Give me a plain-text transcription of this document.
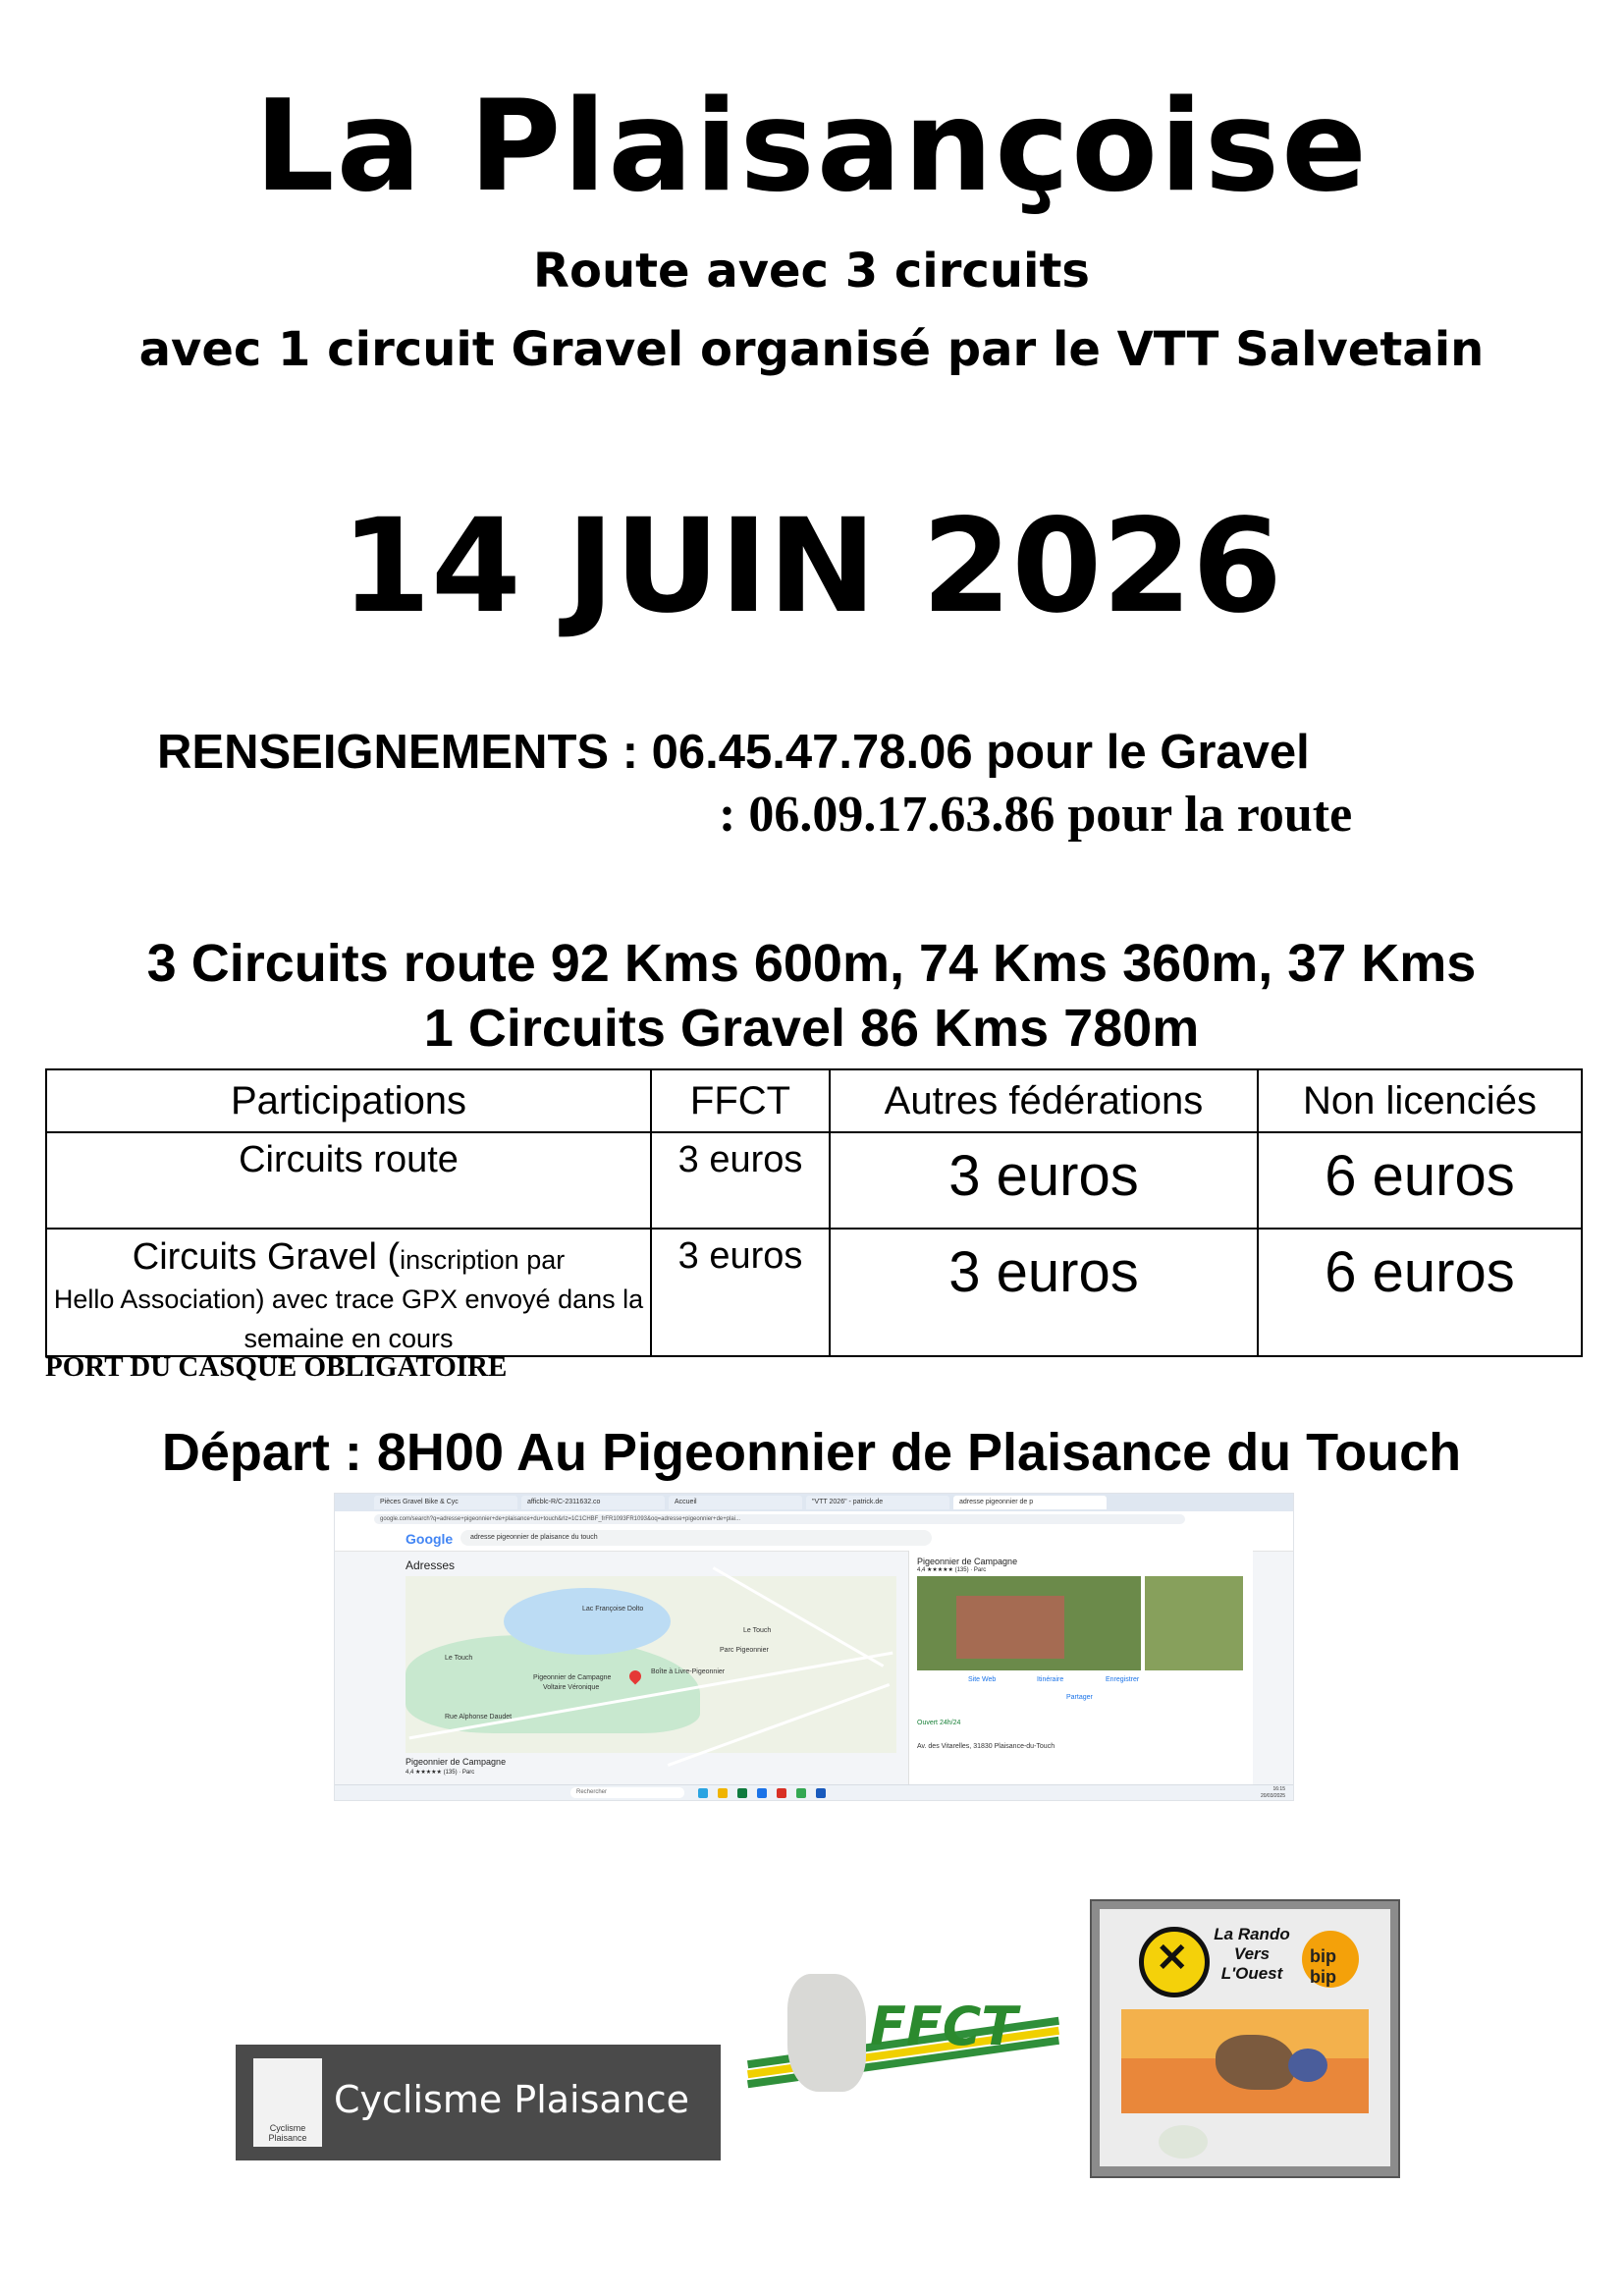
La Plaisançoise
Route avec 3 circuits
avec 1 circuit Gravel organisé par le VTT Salvetain
14 JUIN 2026
RENSEIGNEMENTS : 06.45.47.78.06 pour le Gravel
: 06.09.17.63.86 pour la route
3 Circuits route 92 Kms 600m, 74 Kms 360m, 37 Kms
1 Circuits Gravel 86 Kms 780m
Participations	FFCT	Autres fédérations	Non licenciés
Circuits route	3 euros	3 euros	6 euros
Circuits Gravel (inscription par
Hello Association) avec trace GPX envoyé dans la semaine en cours	3 euros	3 euros	6 euros
PORT DU CASQUE OBLIGATOIRE
Départ : 8H00 Au Pigeonnier de Plaisance du Touch
Pièces Gravel Bike & Cyc	afficblc-R/C-2311632.co	Accueil	"VTT 2026" - patrick.de	adresse pigeonnier de p
google.com/search?q=adresse+pigeonnier+de+plaisance+du+touch&rlz=1C1CHBF_frFR1093FR1093&oq=adresse+pigeonnier+de+plai...
Google	adresse pigeonnier de plaisance du touch
Adresses
Lac Françoise Dolto
Le Touch
Le Touch
Parc Pigeonnier
Pigeonnier de Campagne
Voltaire Véronique
Boîte à Livre-Pigeonnier
Rue Alphonse Daudet
Pigeonnier de Campagne
4,4 ★★★★★ (135) · Parc
Pigeonnier de Campagne
4,4 ★★★★★ (135) · Parc
Site Web	Itinéraire	Enregistrer
Partager
Ouvert 24h/24
Av. des Vitarelles, 31830 Plaisance-du-Touch
Rechercher	16:15
20/03/2025
Cyclisme Plaisance
Cyclisme Plaisance
FFCT
✕
La Rando Vers L'Ouest
bip bip
